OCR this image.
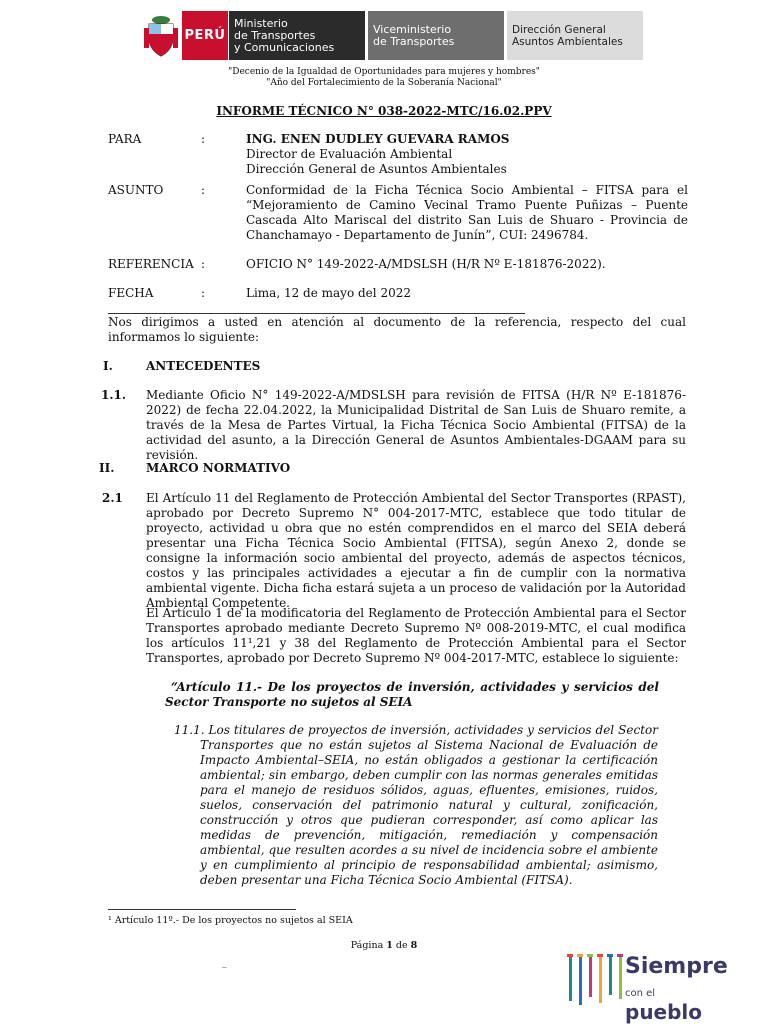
PERÚ
Ministerio
de Transportes
y Comunicaciones
Viceministerio
de Transportes
Dirección General
Asuntos Ambientales
"Decenio de la Igualdad de Oportunidades para mujeres y hombres"
"Año del Fortalecimiento de la Soberanía Nacional"
INFORME TÉCNICO N° 038-2022-MTC/16.02.PPV
PARA	:	ING. ENEN DUDLEY GUEVARA RAMOS
Director de Evaluación Ambiental
Dirección General de Asuntos Ambientales
ASUNTO	:	Conformidad de la Ficha Técnica Socio Ambiental – FITSA para el “Mejoramiento de Camino Vecinal Tramo Puente Puñizas – Puente Cascada Alto Mariscal del distrito San Luis de Shuaro - Provincia de Chanchamayo - Departamento de Junín”, CUI: 2496784.
REFERENCIA :	OFICIO N° 149-2022-A/MDSLSH (H/R Nº E-181876-2022).
FECHA	:	Lima, 12 de mayo del 2022
Nos dirigimos a usted en atención al documento de la referencia, respecto del cual informamos lo siguiente:
I.	ANTECEDENTES
1.1. Mediante Oficio N° 149-2022-A/MDSLSH para revisión de FITSA (H/R Nº E-181876-2022) de fecha 22.04.2022, la Municipalidad Distrital de San Luis de Shuaro remite, a través de la Mesa de Partes Virtual, la Ficha Técnica Socio Ambiental (FITSA) de la actividad del asunto, a la Dirección General de Asuntos Ambientales-DGAAM para su revisión.
II.	MARCO NORMATIVO
2.1 El Artículo 11 del Reglamento de Protección Ambiental del Sector Transportes (RPAST), aprobado por Decreto Supremo N° 004-2017-MTC, establece que todo titular de proyecto, actividad u obra que no estén comprendidos en el marco del SEIA deberá presentar una Ficha Técnica Socio Ambiental (FITSA), según Anexo 2, donde se consigne la información socio ambiental del proyecto, además de aspectos técnicos, costos y las principales actividades a ejecutar a fin de cumplir con la normativa ambiental vigente. Dicha ficha estará sujeta a un proceso de validación por la Autoridad Ambiental Competente.
El Artículo 1 de la modificatoria del Reglamento de Protección Ambiental para el Sector Transportes aprobado mediante Decreto Supremo Nº 008-2019-MTC, el cual modifica los artículos 11¹,21 y 38 del Reglamento de Protección Ambiental para el Sector Transportes, aprobado por Decreto Supremo Nº 004-2017-MTC, establece lo siguiente:
“Artículo 11.- De los proyectos de inversión, actividades y servicios del Sector Transporte no sujetos al SEIA
11.1. Los titulares de proyectos de inversión, actividades y servicios del Sector Transportes que no están sujetos al Sistema Nacional de Evaluación de Impacto Ambiental–SEIA, no están obligados a gestionar la certificación ambiental; sin embargo, deben cumplir con las normas generales emitidas para el manejo de residuos sólidos, aguas, efluentes, emisiones, ruidos, suelos, conservación del patrimonio natural y cultural, zonificación, construcción y otros que pudieran corresponder, así como aplicar las medidas de prevención, mitigación, remediación y compensación ambiental, que resulten acordes a su nivel de incidencia sobre el ambiente y en cumplimiento al principio de responsabilidad ambiental; asimismo, deben presentar una Ficha Técnica Socio Ambiental (FITSA).
¹ Artículo 11º.- De los proyectos no sujetos al SEIA
Página 1 de 8
_	Siempre
con el pueblo
